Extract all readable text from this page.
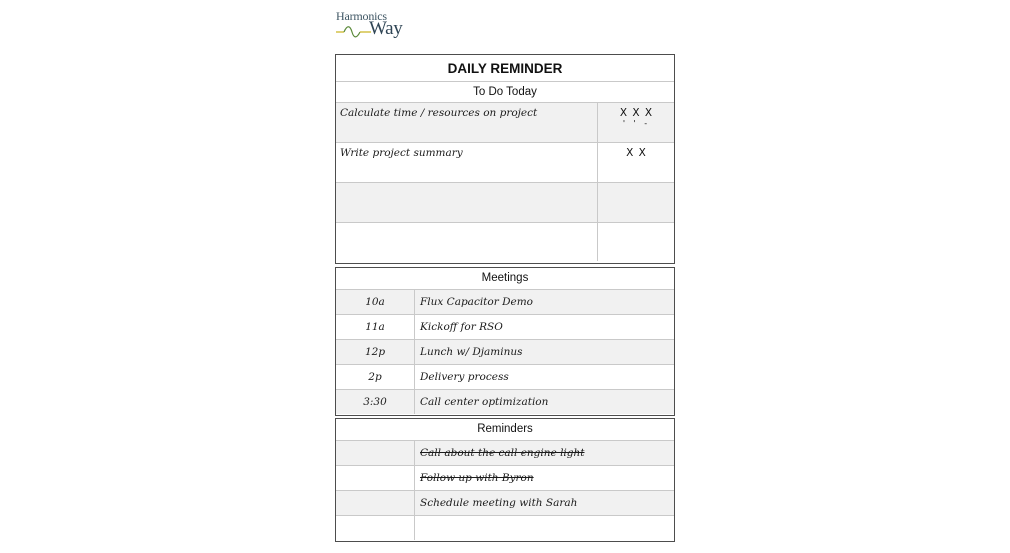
Harmonics
Way
DAILY REMINDER
To Do Today
Calculate time / resources on project	X X X
' ' -
Write project summary	X X
Meetings
10a	Flux Capacitor Demo
11a	Kickoff for RSO
12p	Lunch w/ Djaminus
2p	Delivery process
3:30	Call center optimization
Reminders
Call about the call engine light
Follow up with Byron
Schedule meeting with Sarah
